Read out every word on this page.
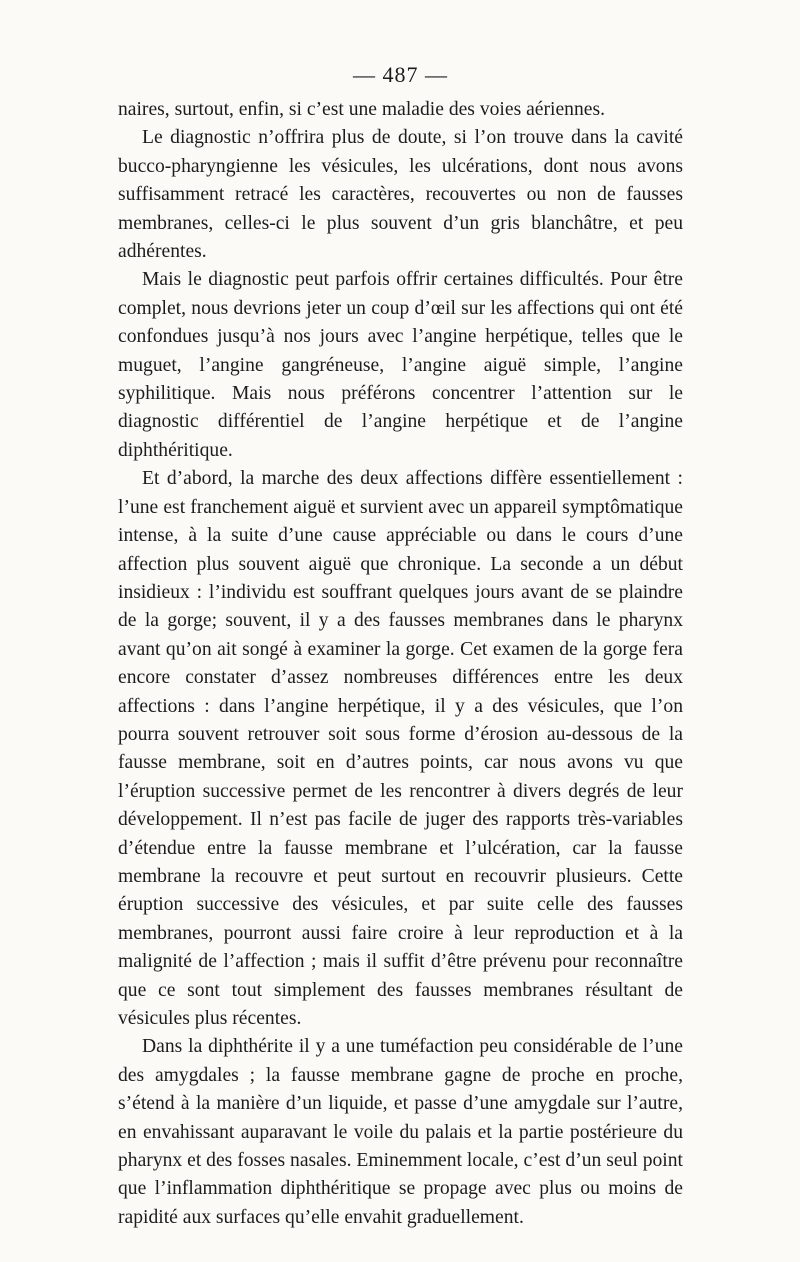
— 487 —

naires, surtout, enfin, si c’est une maladie des voies aériennes.

Le diagnostic n’offrira plus de doute, si l’on trouve dans la cavité bucco-pharyngienne les vésicules, les ulcérations, dont nous avons suffisamment retracé les caractères, recouvertes ou non de fausses membranes, celles-ci le plus souvent d’un gris blanchâtre, et peu adhérentes.

Mais le diagnostic peut parfois offrir certaines difficultés. Pour être complet, nous devrions jeter un coup d’œil sur les affections qui ont été confondues jusqu’à nos jours avec l’angine herpétique, telles que le muguet, l’angine gangréneuse, l’angine aiguë simple, l’angine syphilitique. Mais nous préférons concentrer l’attention sur le diagnostic différentiel de l’angine herpétique et de l’angine diphthéritique.

Et d’abord, la marche des deux affections diffère essentiellement : l’une est franchement aiguë et survient avec un appareil symptômatique intense, à la suite d’une cause appréciable ou dans le cours d’une affection plus souvent aiguë que chronique. La seconde a un début insidieux : l’individu est souffrant quelques jours avant de se plaindre de la gorge; souvent, il y a des fausses membranes dans le pharynx avant qu’on ait songé à examiner la gorge. Cet examen de la gorge fera encore constater d’assez nombreuses différences entre les deux affections : dans l’angine herpétique, il y a des vésicules, que l’on pourra souvent retrouver soit sous forme d’érosion au-dessous de la fausse membrane, soit en d’autres points, car nous avons vu que l’éruption successive permet de les rencontrer à divers degrés de leur développement. Il n’est pas facile de juger des rapports très-variables d’étendue entre la fausse membrane et l’ulcération, car la fausse membrane la recouvre et peut surtout en recouvrir plusieurs. Cette éruption successive des vésicules, et par suite celle des fausses membranes, pourront aussi faire croire à leur reproduction et à la malignité de l’affection ; mais il suffit d’être prévenu pour reconnaître que ce sont tout simplement des fausses membranes résultant de vésicules plus récentes.

Dans la diphthérite il y a une tuméfaction peu considérable de l’une des amygdales ; la fausse membrane gagne de proche en proche, s’étend à la manière d’un liquide, et passe d’une amygdale sur l’autre, en envahissant auparavant le voile du palais et la partie postérieure du pharynx et des fosses nasales. Eminemment locale, c’est d’un seul point que l’inflammation diphthéritique se propage avec plus ou moins de rapidité aux surfaces qu’elle envahit graduellement.
